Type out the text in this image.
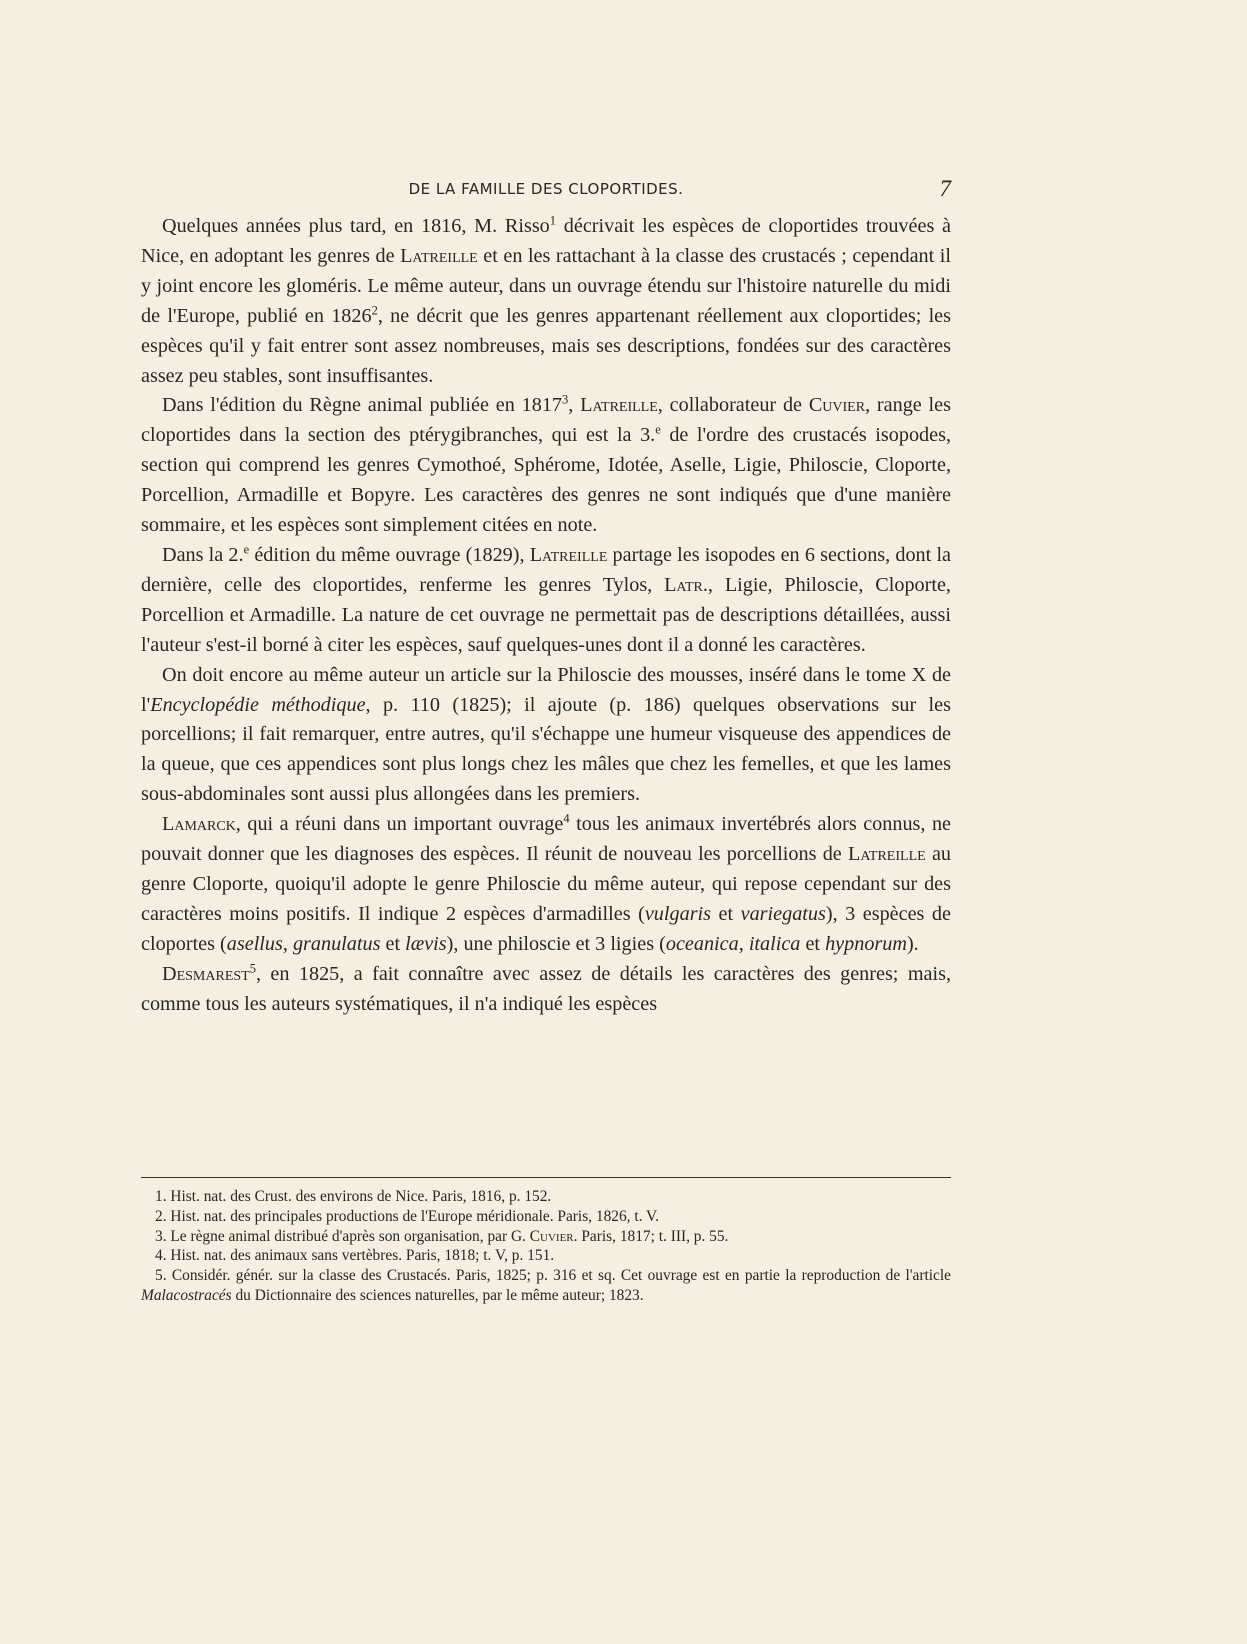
DE LA FAMILLE DES CLOPORTIDES.	7

Quelques années plus tard, en 1816, M. Risso$^1$ décrivait les espèces de cloportides trouvées à Nice, en adoptant les genres de Latreille et en les rattachant à la classe des crustacés ; cependant il y joint encore les gloméris. Le même auteur, dans un ouvrage étendu sur l'histoire naturelle du midi de l'Europe, publié en 1826$^2$, ne décrit que les genres appartenant réellement aux cloportides; les espèces qu'il y fait entrer sont assez nombreuses, mais ses descriptions, fondées sur des caractères assez peu stables, sont insuffisantes.

Dans l'édition du Règne animal publiée en 1817$^3$, Latreille, collaborateur de Cuvier, range les cloportides dans la section des ptérygibranches, qui est la 3.$^e$ de l'ordre des crustacés isopodes, section qui comprend les genres Cymothoé, Sphérome, Idotée, Aselle, Ligie, Philoscie, Cloporte, Porcellion, Armadille et Bopyre. Les caractères des genres ne sont indiqués que d'une manière sommaire, et les espèces sont simplement citées en note.

Dans la 2.$^e$ édition du même ouvrage (1829), Latreille partage les isopodes en 6 sections, dont la dernière, celle des cloportides, renferme les genres Tylos, Latr., Ligie, Philoscie, Cloporte, Porcellion et Armadille. La nature de cet ouvrage ne permettait pas de descriptions détaillées, aussi l'auteur s'est-il borné à citer les espèces, sauf quelques-unes dont il a donné les caractères.

On doit encore au même auteur un article sur la Philoscie des mousses, inséré dans le tome X de l'Encyclopédie méthodique, p. 110 (1825); il ajoute (p. 186) quelques observations sur les porcellions; il fait remarquer, entre autres, qu'il s'échappe une humeur visqueuse des appendices de la queue, que ces appendices sont plus longs chez les mâles que chez les femelles, et que les lames sous-abdominales sont aussi plus allongées dans les premiers.

Lamarck, qui a réuni dans un important ouvrage$^4$ tous les animaux invertébrés alors connus, ne pouvait donner que les diagnoses des espèces. Il réunit de nouveau les porcellions de Latreille au genre Cloporte, quoiqu'il adopte le genre Philoscie du même auteur, qui repose cependant sur des caractères moins positifs. Il indique 2 espèces d'armadilles (vulgaris et variegatus), 3 espèces de cloportes (asellus, granulatus et lævis), une philoscie et 3 ligies (oceanica, italica et hypnorum).

Desmarest$^5$, en 1825, a fait connaître avec assez de détails les caractères des genres; mais, comme tous les auteurs systématiques, il n'a indiqué les espèces

1. Hist. nat. des Crust. des environs de Nice. Paris, 1816, p. 152.

2. Hist. nat. des principales productions de l'Europe méridionale. Paris, 1826, t. V.

3. Le règne animal distribué d'après son organisation, par G. Cuvier. Paris, 1817; t. III, p. 55.

4. Hist. nat. des animaux sans vertèbres. Paris, 1818; t. V, p. 151.

5. Considér. génér. sur la classe des Crustacés. Paris, 1825; p. 316 et sq. Cet ouvrage est en partie la reproduction de l'article Malacostracés du Dictionnaire des sciences naturelles, par le même auteur; 1823.
